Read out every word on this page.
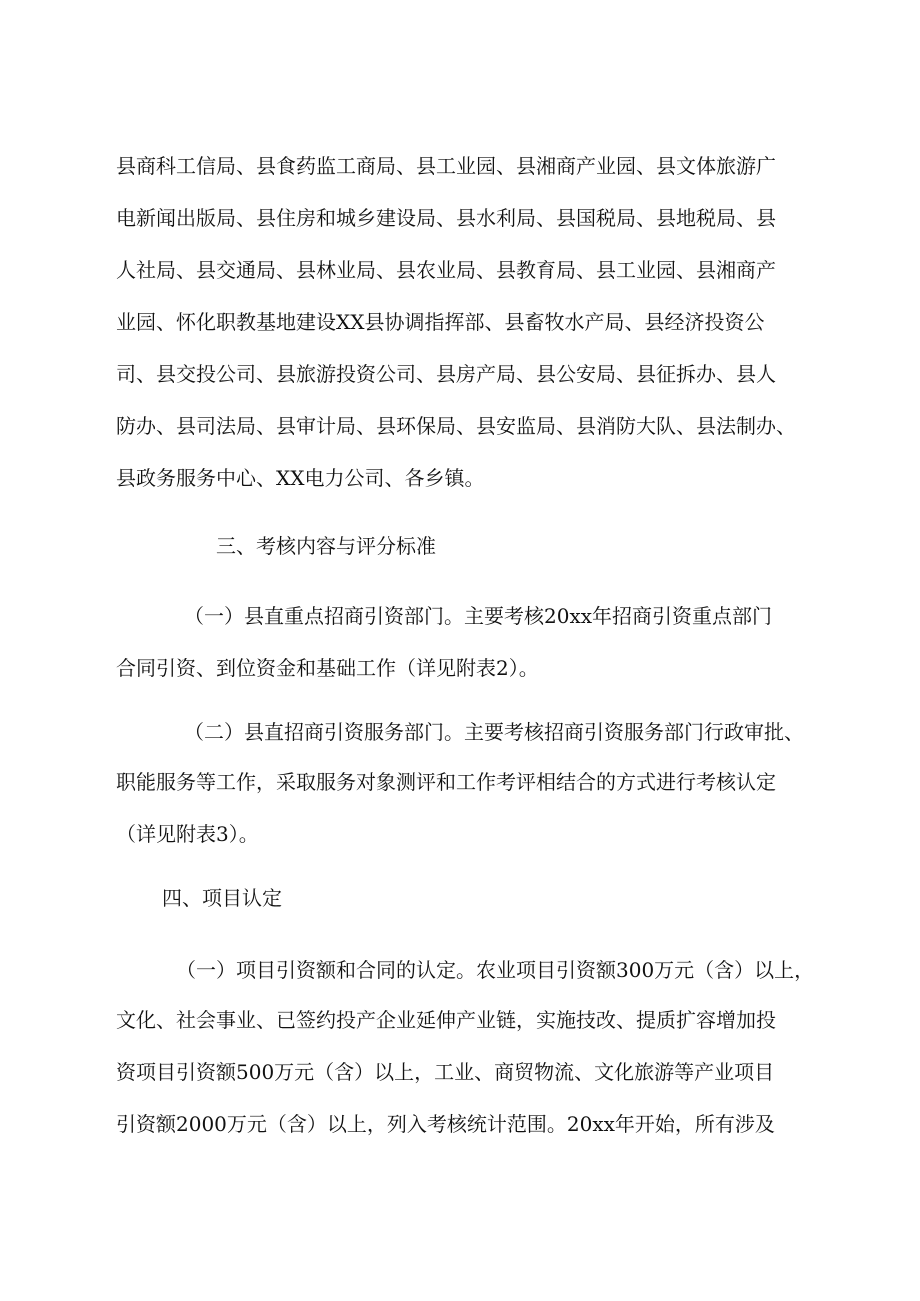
县商科工信局、县食药监工商局、县工业园、县湘商产业园、县文体旅游广
电新闻出版局、县住房和城乡建设局、县水利局、县国税局、县地税局、县
人社局、县交通局、县林业局、县农业局、县教育局、县工业园、县湘商产
业园、怀化职教基地建设XX县协调指挥部、县畜牧水产局、县经济投资公
司、县交投公司、县旅游投资公司、县房产局、县公安局、县征拆办、县人
防办、县司法局、县审计局、县环保局、县安监局、县消防大队、县法制办、
县政务服务中心、XX电力公司、各乡镇。
三、考核内容与评分标准
（一）县直重点招商引资部门。主要考核20xx年招商引资重点部门
合同引资、到位资金和基础工作（详见附表2）。
（二）县直招商引资服务部门。主要考核招商引资服务部门行政审批、
职能服务等工作，采取服务对象测评和工作考评相结合的方式进行考核认定
（详见附表3）。
四、项目认定
（一）项目引资额和合同的认定。农业项目引资额300万元（含）以上，
文化、社会事业、已签约投产企业延伸产业链，实施技改、提质扩容增加投
资项目引资额500万元（含）以上，工业、商贸物流、文化旅游等产业项目
引资额2000万元（含）以上，列入考核统计范围。20xx年开始，所有涉及
